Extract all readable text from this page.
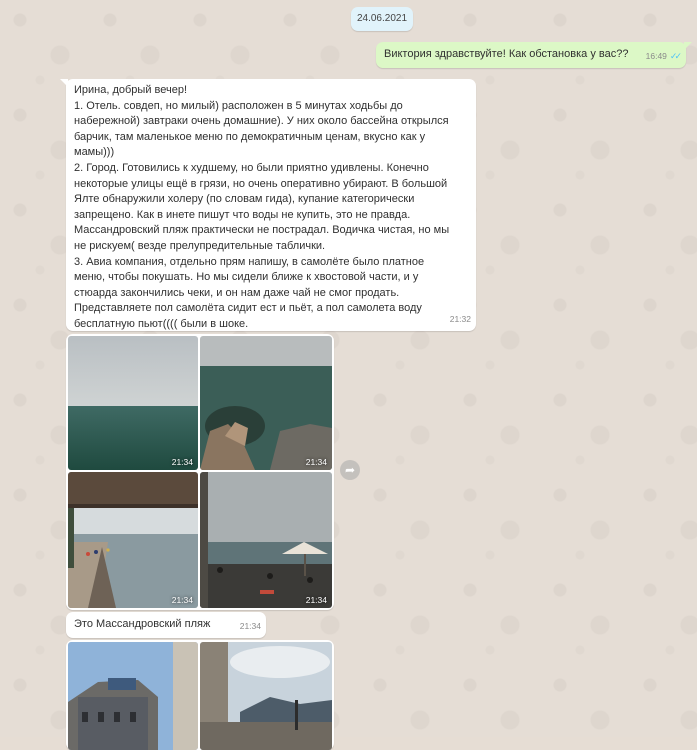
24.06.2021
Виктория здравствуйте! Как обстановка у вас?? 16:49 ✓✓
Ирина, добрый вечер!
1. Отель. совдеп, но милый) расположен в 5 минутах ходьбы до
набережной) завтраки очень домашние). У них около бассейна открылся
барчик, там маленькое меню по демократичным ценам, вкусно как у
мамы)))
2. Город. Готовились к худшему, но были приятно удивлены. Конечно
некоторые улицы ещё в грязи, но очень оперативно убирают. В большой
Ялте обнаружили холеру (по словам гида), купание категорически
запрещено. Как в инете пишут что воды не купить, это не правда.
Массандровский пляж практически не пострадал. Водичка чистая, но мы
не рискуем( везде прелупредительные таблички.
3. Авиа компания, отдельно прям напишу, в самолёте было платное
меню, чтобы покушать. Но мы сидели ближе к хвостовой части, и у
стюарда закончились чеки, и он нам даже чай не смог продать.
Представляете пол самолёта сидит ест и пьёт, а пол самолета воду
бесплатную пьют(((( были в шоке.	21:32
21:34	21:34
21:34	21:34
➦
Это Массандровский пляж	21:34
